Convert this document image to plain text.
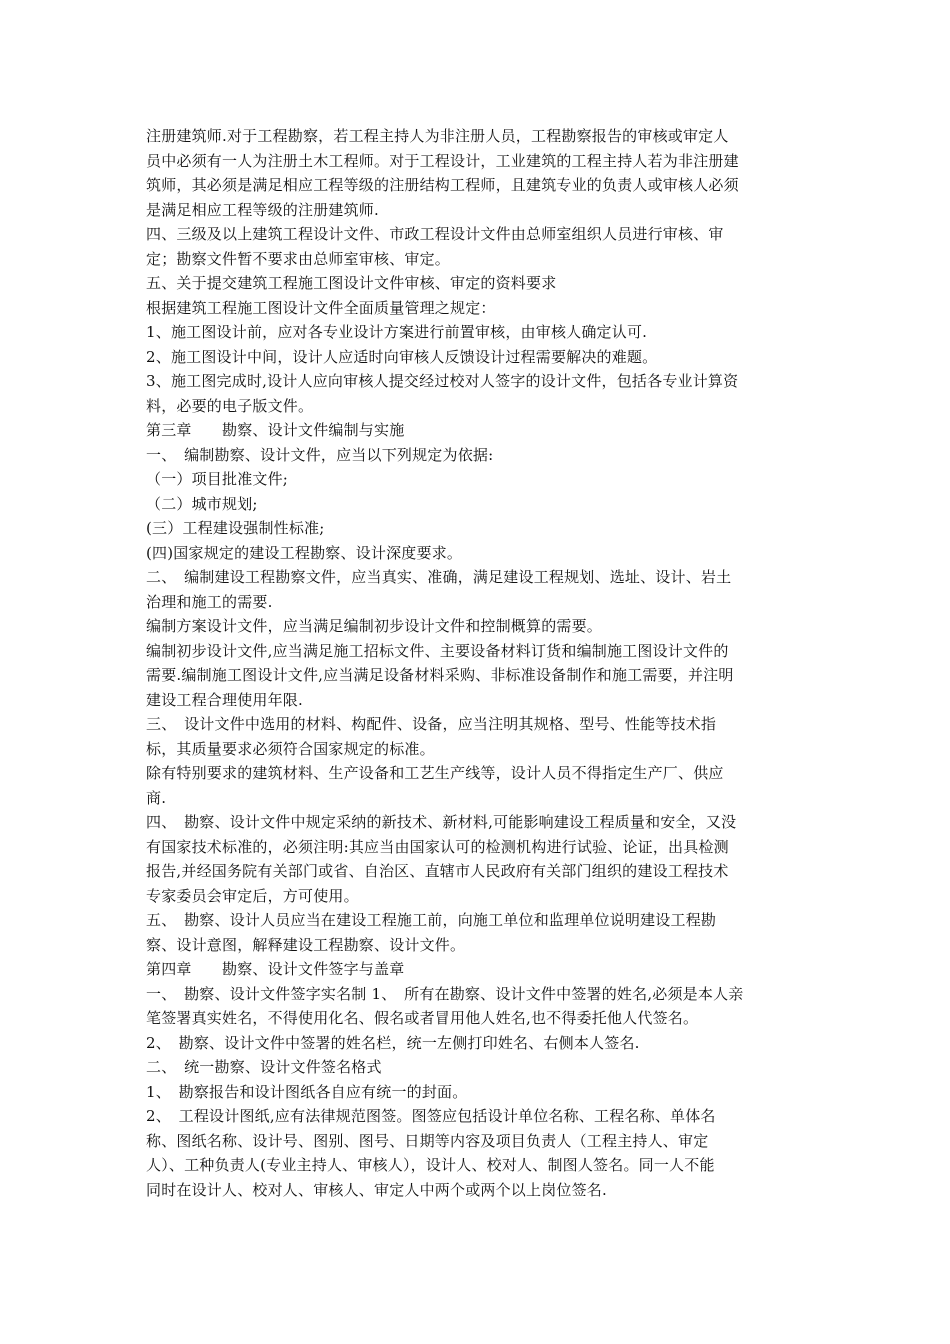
注册建筑师.对于工程勘察，若工程主持人为非注册人员，工程勘察报告的审核或审定人
员中必须有一人为注册土木工程师。对于工程设计，工业建筑的工程主持人若为非注册建
筑师，其必须是满足相应工程等级的注册结构工程师，且建筑专业的负责人或审核人必须
是满足相应工程等级的注册建筑师.
四、三级及以上建筑工程设计文件、市政工程设计文件由总师室组织人员进行审核、审
定；勘察文件暂不要求由总师室审核、审定。
五、关于提交建筑工程施工图设计文件审核、审定的资料要求
根据建筑工程施工图设计文件全面质量管理之规定：
1、施工图设计前，应对各专业设计方案进行前置审核，由审核人确定认可.
2、施工图设计中间，设计人应适时向审核人反馈设计过程需要解决的难题。
3、施工图完成时,设计人应向审核人提交经过校对人签字的设计文件，包括各专业计算资
料，必要的电子版文件。
第三章　　勘察、设计文件编制与实施
一、　编制勘察、设计文件，应当以下列规定为依据:
（一）项目批准文件;
（二）城市规划;
(三）工程建设强制性标准;
(四)国家规定的建设工程勘察、设计深度要求。
二、　编制建设工程勘察文件，应当真实、准确，满足建设工程规划、选址、设计、岩土
治理和施工的需要.
编制方案设计文件，应当满足编制初步设计文件和控制概算的需要。
编制初步设计文件,应当满足施工招标文件、主要设备材料订货和编制施工图设计文件的
需要.编制施工图设计文件,应当满足设备材料采购、非标准设备制作和施工需要，并注明
建设工程合理使用年限.
三、　设计文件中选用的材料、构配件、设备，应当注明其规格、型号、性能等技术指
标，其质量要求必须符合国家规定的标准。
除有特别要求的建筑材料、生产设备和工艺生产线等，设计人员不得指定生产厂、供应
商.
四、　勘察、设计文件中规定采纳的新技术、新材料,可能影响建设工程质量和安全，又没
有国家技术标准的，必须注明:其应当由国家认可的检测机构进行试验、论证，出具检测
报告,并经国务院有关部门或省、自治区、直辖市人民政府有关部门组织的建设工程技术
专家委员会审定后，方可使用。
五、　勘察、设计人员应当在建设工程施工前，向施工单位和监理单位说明建设工程勘
察、设计意图，解释建设工程勘察、设计文件。
第四章　　勘察、设计文件签字与盖章
一、　勘察、设计文件签字实名制 1、　所有在勘察、设计文件中签署的姓名,必须是本人亲
笔签署真实姓名，不得使用化名、假名或者冒用他人姓名,也不得委托他人代签名。
2、　勘察、设计文件中签署的姓名栏，统一左侧打印姓名、右侧本人签名.
二、　统一勘察、设计文件签名格式
1、　勘察报告和设计图纸各自应有统一的封面。
2、　工程设计图纸,应有法律规范图签。图签应包括设计单位名称、工程名称、单体名
称、图纸名称、设计号、图别、图号、日期等内容及项目负责人（工程主持人、审定
人）、工种负责人(专业主持人、审核人），设计人、校对人、制图人签名。同一人不能
同时在设计人、校对人、审核人、审定人中两个或两个以上岗位签名.
